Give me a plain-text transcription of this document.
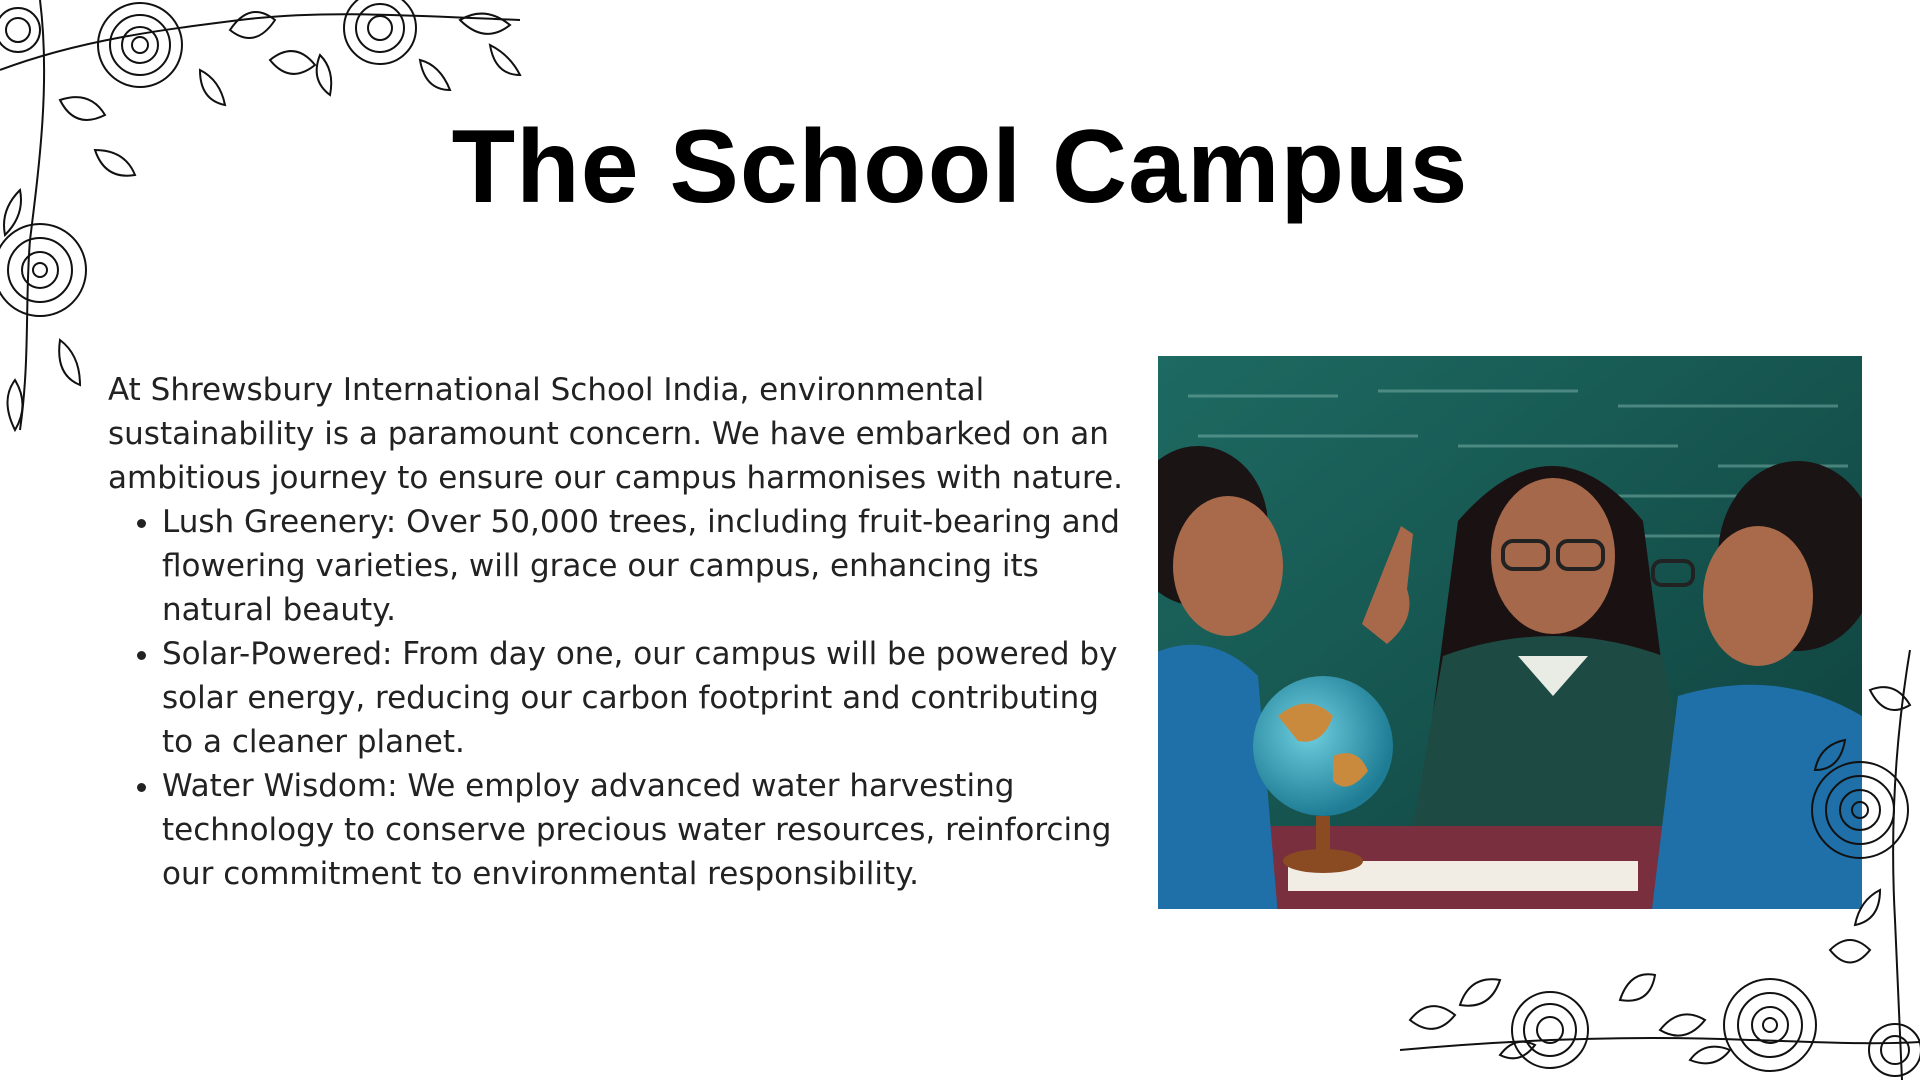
The School Campus

At Shrewsbury International School India, environmental sustainability is a paramount concern. We have embarked on an ambitious journey to ensure our campus harmonises with nature.

• Lush Greenery: Over 50,000 trees, including fruit-bearing and flowering varieties, will grace our campus, enhancing its natural beauty.
• Solar-Powered: From day one, our campus will be powered by solar energy, reducing our carbon footprint and contributing to a cleaner planet.
• Water Wisdom: We employ advanced water harvesting technology to conserve precious water resources, reinforcing our commitment to environmental responsibility.
